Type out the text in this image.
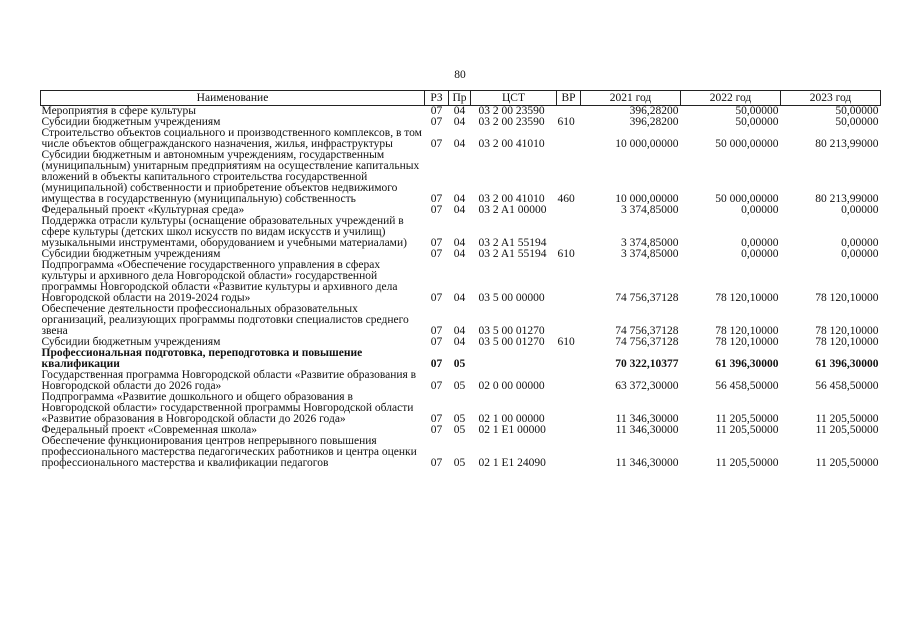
80
Наименование	РЗ	Пр	ЦСТ	ВР	2021 год	2022 год	2023 год
Мероприятия в сфере культуры	07	04	03 2 00 23590		396,28200	50,00000	50,00000
Субсидии бюджетным учреждениям	07	04	03 2 00 23590	610	396,28200	50,00000	50,00000
Строительство объектов социального и производственного комплексов, в том числе объектов общегражданского назначения, жилья, инфраструктуры	07	04	03 2 00 41010		10 000,00000	50 000,00000	80 213,99000
Субсидии бюджетным и автономным учреждениям, государственным (муниципальным) унитарным предприятиям на осуществление капитальных вложений в объекты капитального строительства государственной (муниципальной) собственности и приобретение объектов недвижимого имущества в государственную (муниципальную) собственность	07	04	03 2 00 41010	460	10 000,00000	50 000,00000	80 213,99000
Федеральный проект «Культурная среда»	07	04	03 2 A1 00000		3 374,85000	0,00000	0,00000
Поддержка отрасли культуры (оснащение образовательных учреждений в сфере культуры (детских школ искусств по видам искусств и училищ) музыкальными инструментами, оборудованием и учебными материалами)	07	04	03 2 A1 55194		3 374,85000	0,00000	0,00000
Субсидии бюджетным учреждениям	07	04	03 2 A1 55194	610	3 374,85000	0,00000	0,00000
Подпрограмма «Обеспечение государственного управления в сферах культуры и архивного дела Новгородской области» государственной программы Новгородской области «Развитие культуры и архивного дела Новгородской области на 2019-2024 годы»	07	04	03 5 00 00000		74 756,37128	78 120,10000	78 120,10000
Обеспечение деятельности профессиональных образовательных организаций, реализующих программы подготовки специалистов среднего звена	07	04	03 5 00 01270		74 756,37128	78 120,10000	78 120,10000
Субсидии бюджетным учреждениям	07	04	03 5 00 01270	610	74 756,37128	78 120,10000	78 120,10000
Профессиональная подготовка, переподготовка и повышение квалификации	07	05			70 322,10377	61 396,30000	61 396,30000
Государственная программа Новгородской области «Развитие образования в Новгородской области до 2026 года»	07	05	02 0 00 00000		63 372,30000	56 458,50000	56 458,50000
Подпрограмма «Развитие дошкольного и общего образования в Новгородской области» государственной программы Новгородской области «Развитие образования в Новгородской области до 2026 года»	07	05	02 1 00 00000		11 346,30000	11 205,50000	11 205,50000
Федеральный проект «Современная школа»	07	05	02 1 E1 00000		11 346,30000	11 205,50000	11 205,50000
Обеспечение функционирования центров непрерывного повышения профессионального мастерства педагогических работников и центра оценки профессионального мастерства и квалификации педагогов	07	05	02 1 E1 24090		11 346,30000	11 205,50000	11 205,50000
